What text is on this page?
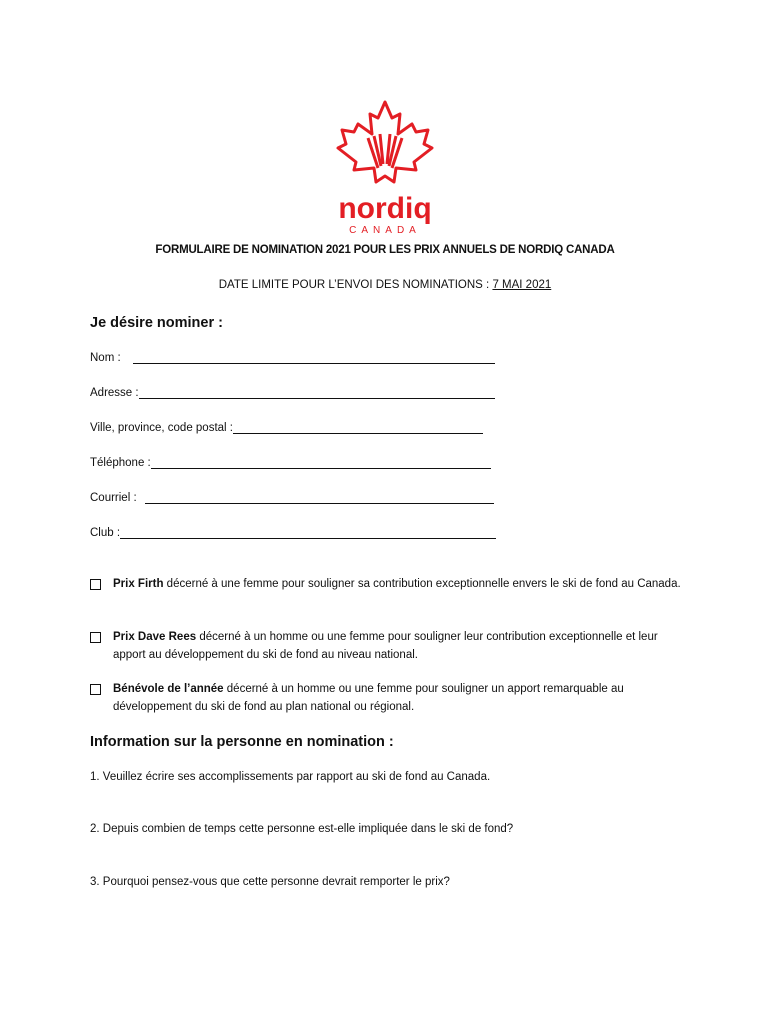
nordiq
CANADA
FORMULAIRE DE NOMINATION 2021 POUR LES PRIX ANNUELS DE NORDIQ CANADA
DATE LIMITE POUR L’ENVOI DES NOMINATIONS : 7 MAI 2021
Je désire nominer :
Nom :
Adresse :
Ville, province, code postal :
Téléphone :
Courriel :
Club :
Prix Firth décerné à une femme pour souligner sa contribution exceptionnelle envers le ski de fond au Canada.
Prix Dave Rees décerné à un homme ou une femme pour souligner leur contribution exceptionnelle et leur apport au développement du ski de fond au niveau national.
Bénévole de l’année décerné à un homme ou une femme pour souligner un apport remarquable au développement du ski de fond au plan national ou régional.
Information sur la personne en nomination :
1. Veuillez écrire ses accomplissements par rapport au ski de fond au Canada.
2. Depuis combien de temps cette personne est-elle impliquée dans le ski de fond?
3. Pourquoi pensez-vous que cette personne devrait remporter le prix?
